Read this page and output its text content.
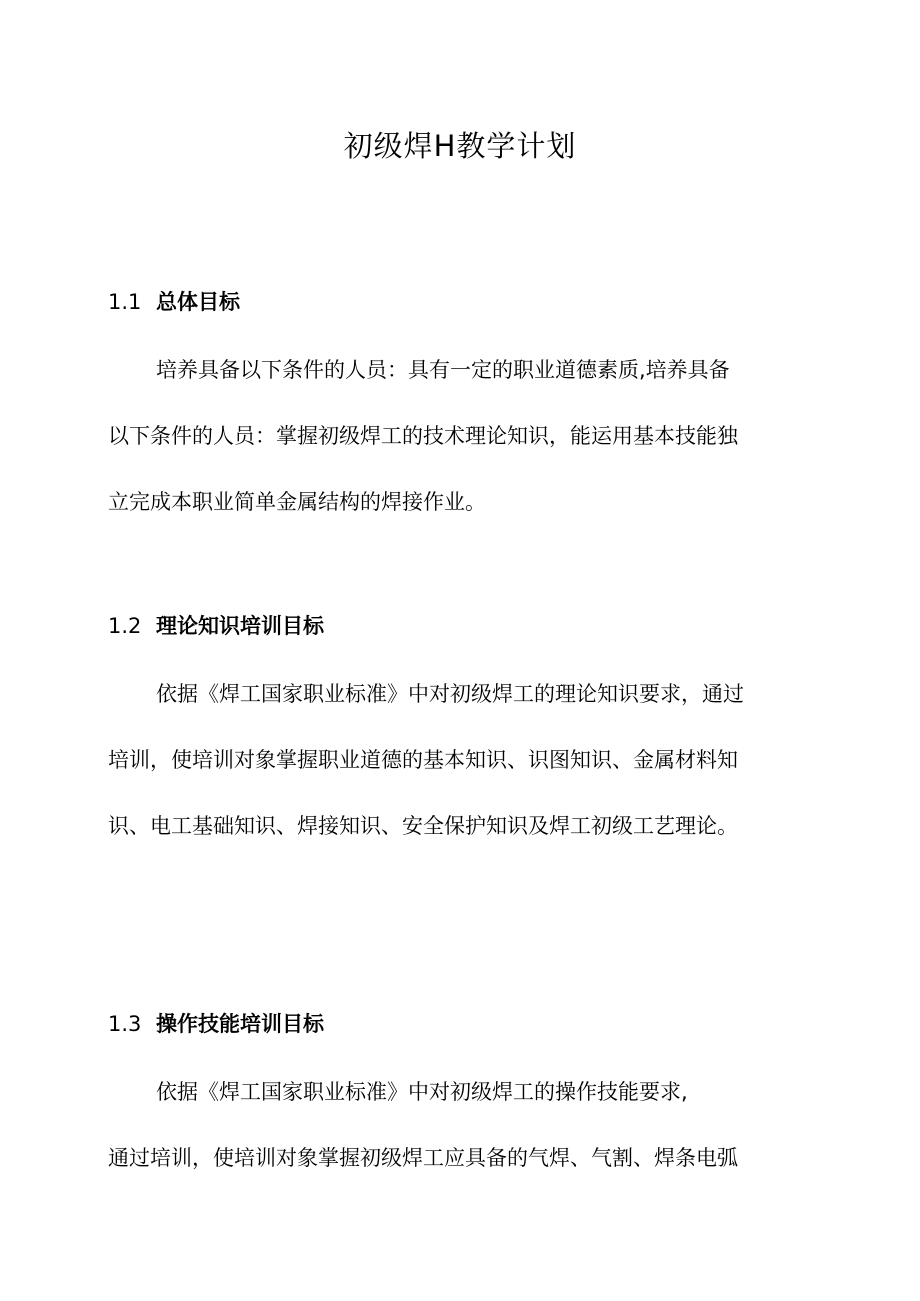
初级焊H教学计划

1.1 总体目标

培养具备以下条件的人员：具有一定的职业道德素质,培养具备

以下条件的人员：掌握初级焊工的技术理论知识，能运用基本技能独

立完成本职业简单金属结构的焊接作业。

1.2 理论知识培训目标

依据《焊工国家职业标准》中对初级焊工的理论知识要求，通过

培训，使培训对象掌握职业道德的基本知识、识图知识、金属材料知

识、电工基础知识、焊接知识、安全保护知识及焊工初级工艺理论。

1.3 操作技能培训目标

依据《焊工国家职业标准》中对初级焊工的操作技能要求,

通过培训，使培训对象掌握初级焊工应具备的气焊、气割、焊条电弧
